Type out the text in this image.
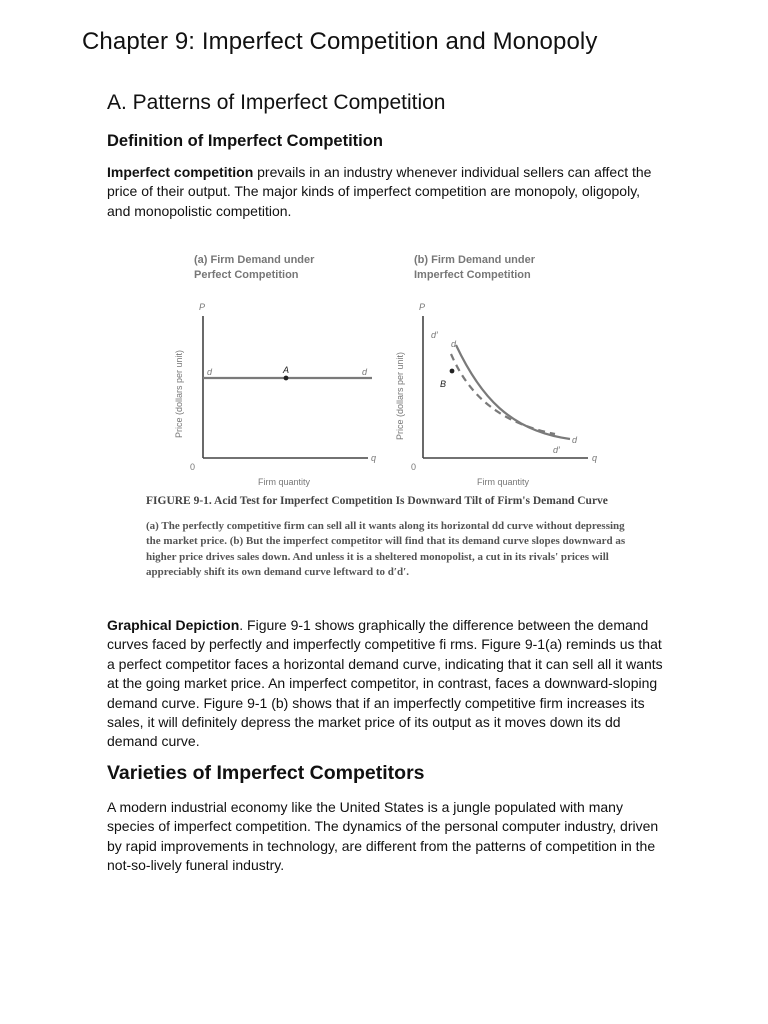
Chapter 9: Imperfect Competition and Monopoly
A. Patterns of Imperfect Competition
Definition of Imperfect Competition
Imperfect competition prevails in an industry whenever individual sellers can affect the price of their output. The major kinds of imperfect competition are monopoly, oligopoly, and monopolistic competition.
(a) Firm Demand under
Perfect Competition
P
Price (dollars per unit)
0
q
Firm quantity
d	d
A
(b) Firm Demand under
Imperfect Competition
P
Price (dollars per unit)
0
q
Firm quantity
d′
d
B
d
d′
FIGURE 9-1. Acid Test for Imperfect Competition Is Downward Tilt of Firm's Demand Curve
(a) The perfectly competitive firm can sell all it wants along its horizontal dd curve without depressing the market price. (b) But the imperfect competitor will find that its demand curve slopes downward as higher price drives sales down. And unless it is a sheltered monopolist, a cut in its rivals' prices will appreciably shift its own demand curve leftward to d′d′.
Graphical Depiction. Figure 9-1 shows graphically the difference between the demand curves faced by perfectly and imperfectly competitive fi rms. Figure 9-1(a) reminds us that a perfect competitor faces a horizontal demand curve, indicating that it can sell all it wants at the going market price. An imperfect competitor, in contrast, faces a downward-sloping demand curve. Figure 9-1 (b) shows that if an imperfectly competitive firm increases its sales, it will definitely depress the market price of its output as it moves down its dd demand curve.
Varieties of Imperfect Competitors
A modern industrial economy like the United States is a jungle populated with many species of imperfect competition. The dynamics of the personal computer industry, driven by rapid improvements in technology, are different from the patterns of competition in the not-so-lively funeral industry.
